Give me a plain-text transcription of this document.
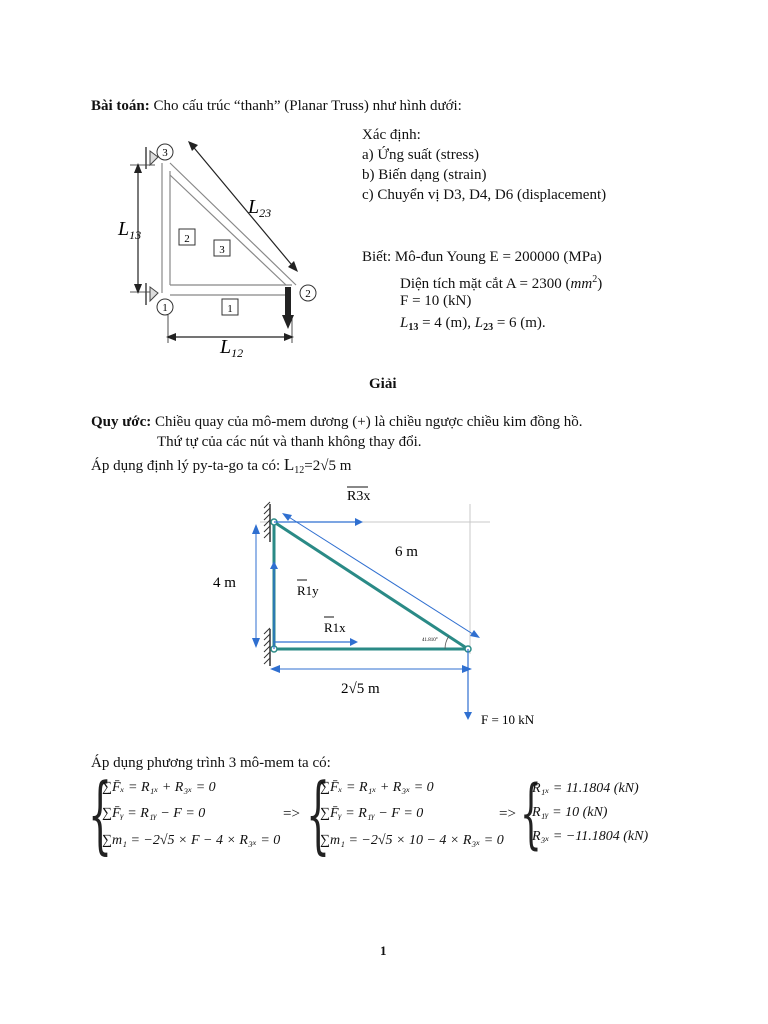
Bài toán: Cho cấu trúc “thanh” (Planar Truss) như hình dưới:
3
1
2
2
3
1
$L_{13}$
$L_{23}$
$L_{12}$
Xác định:
a) Ứng suất (stress)
b) Biến dạng (strain)
c) Chuyển vị D3, D4, D6 (displacement)
Biết: Mô-đun Young E = 200000 (MPa)
Diện tích mặt cắt A = 2300 $(mm^2)$
F = 10 (kN)
$L_{13} = 4$ (m), $L_{23} = 6$ (m).
Giải
Quy ước: Chiều quay của mô-mem dương (+) là chiều ngược chiều kim đồng hồ.
Thứ tự của các nút và thanh không thay đổi.
Áp dụng định lý py-ta-go ta có: $L_{12}=2√5$ m
R3x
6 m
4 m	R1y
R1x
41.810°
2√5 m
F = 10 kN
Áp dụng phương trình 3 mô-mem ta có:
{
∑F̄ₓ = R₁ₓ + R₃ₓ = 0
∑F̄ᵧ = R₁ᵧ − F = 0
∑m₁ = −2√5 × F − 4 × R₃ₓ = 0
=> {
∑F̄ₓ = R₁ₓ + R₃ₓ = 0
∑F̄ᵧ = R₁ᵧ − F = 0
∑m₁ = −2√5 × 10 − 4 × R₃ₓ = 0
=> {
R₁ₓ = 11.1804 (kN)
R₁ᵧ = 10 (kN)
R₃ₓ = −11.1804 (kN)
1
